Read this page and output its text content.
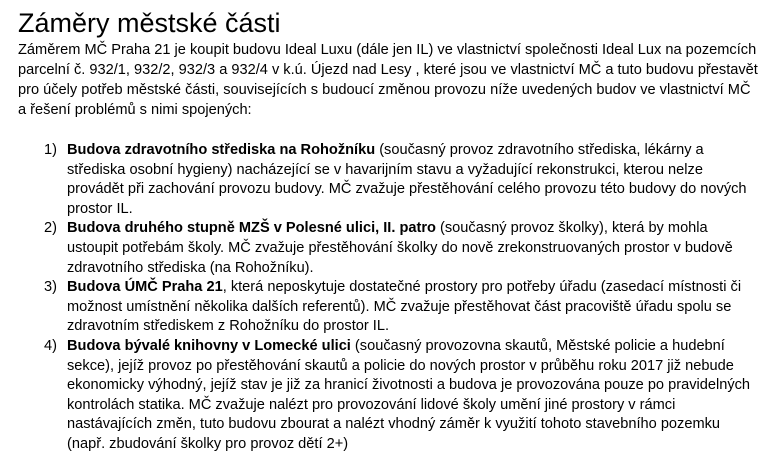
Záměry městské části

Záměrem MČ Praha 21 je koupit budovu Ideal Luxu (dále jen IL) ve vlastnictví společnosti Ideal Lux na pozemcích parcelní č. 932/1, 932/2, 932/3 a 932/4 v k.ú. Újezd nad Lesy , které jsou ve vlastnictví MČ a tuto budovu přestavět pro účely potřeb městské části, souvisejících s budoucí změnou provozu níže uvedených budov ve vlastnictví MČ a řešení problémů s nimi spojených:

1) Budova zdravotního střediska na Rohožníku (současný provoz zdravotního střediska, lékárny a střediska osobní hygieny) nacházející se v havarijním stavu a vyžadující rekonstrukci, kterou nelze provádět při zachování provozu budovy. MČ zvažuje přestěhování celého provozu této budovy do nových prostor IL.
2) Budova druhého stupně MZŠ v Polesné ulici, II. patro (současný provoz školky), která by mohla ustoupit potřebám školy. MČ zvažuje přestěhování školky do nově zrekonstruovaných prostor v budově zdravotního střediska (na Rohožníku).
3) Budova ÚMČ Praha 21, která neposkytuje dostatečné prostory pro potřeby úřadu (zasedací místnosti či možnost umístnění několika dalších referentů). MČ zvažuje přestěhovat část pracoviště úřadu spolu se zdravotním střediskem z Rohožníku do prostor IL.
4) Budova bývalé knihovny v Lomecké ulici (současný provozovna skautů, Městské policie a hudební sekce), jejíž provoz po přestěhování skautů a policie do nových prostor v průběhu roku 2017 již nebude ekonomicky výhodný, jejíž stav je již za hranicí životnosti a budova je provozována pouze po pravidelných kontrolách statika. MČ zvažuje nalézt pro provozování lidové školy umění jiné prostory v rámci nastávajících změn, tuto budovu zbourat a nalézt vhodný záměr k využití tohoto stavebního pozemku (např. zbudování školky pro provoz dětí 2+)
